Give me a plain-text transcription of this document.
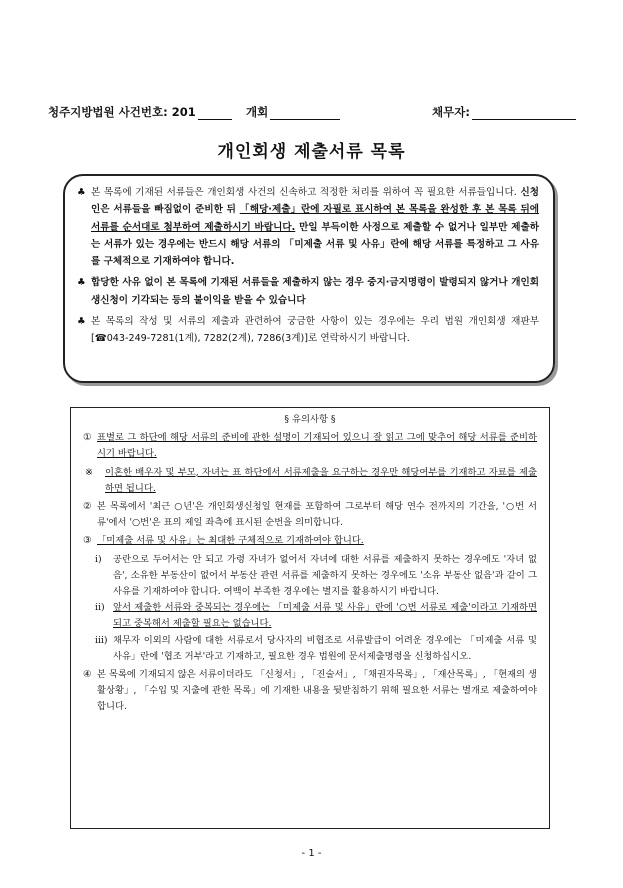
청주지방법원 사건번호: 201	개회	채무자:
개인회생 제출서류 목록

♣ 본 목록에 기재된 서류들은 개인회생 사건의 신속하고 적정한 처리를 위하여 꼭 필요한 서류들입니다. 신청인은 서류들을 빠짐없이 준비한 뒤 「해당·제출」란에 자필로 표시하여 본 목록을 완성한 후 본 목록 뒤에 서류를 순서대로 첨부하여 제출하시기 바랍니다. 만일 부득이한 사정으로 제출할 수 없거나 일부만 제출하는 서류가 있는 경우에는 반드시 해당 서류의 「미제출 서류 및 사유」란에 해당 서류를 특정하고 그 사유를 구체적으로 기재하여야 합니다.

♣ 합당한 사유 없이 본 목록에 기재된 서류들을 제출하지 않는 경우 중지·금지명령이 발령되지 않거나 개인회생신청이 기각되는 등의 불이익을 받을 수 있습니다

♣ 본 목록의 작성 및 서류의 제출과 관련하여 궁금한 사항이 있는 경우에는 우리 법원 개인회생 재판부[☎043-249-7281(1계), 7282(2계), 7286(3계)]로 연락하시기 바랍니다.

§ 유의사항 §

① 표별로 그 하단에 해당 서류의 준비에 관한 설명이 기재되어 있으니 잘 읽고 그에 맞추어 해당 서류를 준비하시기 바랍니다.

※ 이혼한 배우자 및 부모, 자녀는 표 하단에서 서류제출을 요구하는 경우만 해당여부를 기재하고 자료를 제출하면 됩니다.

② 본 목록에서 '최근 ○년'은 개인회생신청일 현재를 포함하여 그로부터 해당 연수 전까지의 기간을, '○번 서류'에서 '○번'은 표의 제일 좌측에 표시된 순번을 의미합니다.

③ 「미제출 서류 및 사유」는 최대한 구체적으로 기재하여야 합니다.

ⅰ) 공란으로 두어서는 안 되고 가령 자녀가 없어서 자녀에 대한 서류를 제출하지 못하는 경우에도 '자녀 없음', 소유한 부동산이 없어서 부동산 관련 서류를 제출하지 못하는 경우에도 '소유 부동산 없음'과 같이 그 사유를 기재하여야 합니다. 여백이 부족한 경우에는 별지를 활용하시기 바랍니다.

ⅱ) 앞서 제출한 서류와 중복되는 경우에는 「미제출 서류 및 사유」란에 '○번 서류로 제출'이라고 기재하면 되고 중복해서 제출할 필요는 없습니다.

ⅲ) 채무자 이외의 사람에 대한 서류로서 당사자의 비협조로 서류발급이 어려운 경우에는 「미제출 서류 및 사유」란에 '협조 거부'라고 기재하고, 필요한 경우 법원에 문서제출명령을 신청하십시오.

④ 본 목록에 기재되지 않은 서류이더라도 「신청서」, 「진술서」, 「채권자목록」, 「재산목록」, 「현재의 생활상황」, 「수입 및 지출에 관한 목록」에 기재한 내용을 뒷받침하기 위해 필요한 서류는 별개로 제출하여야 합니다.

- 1 -
